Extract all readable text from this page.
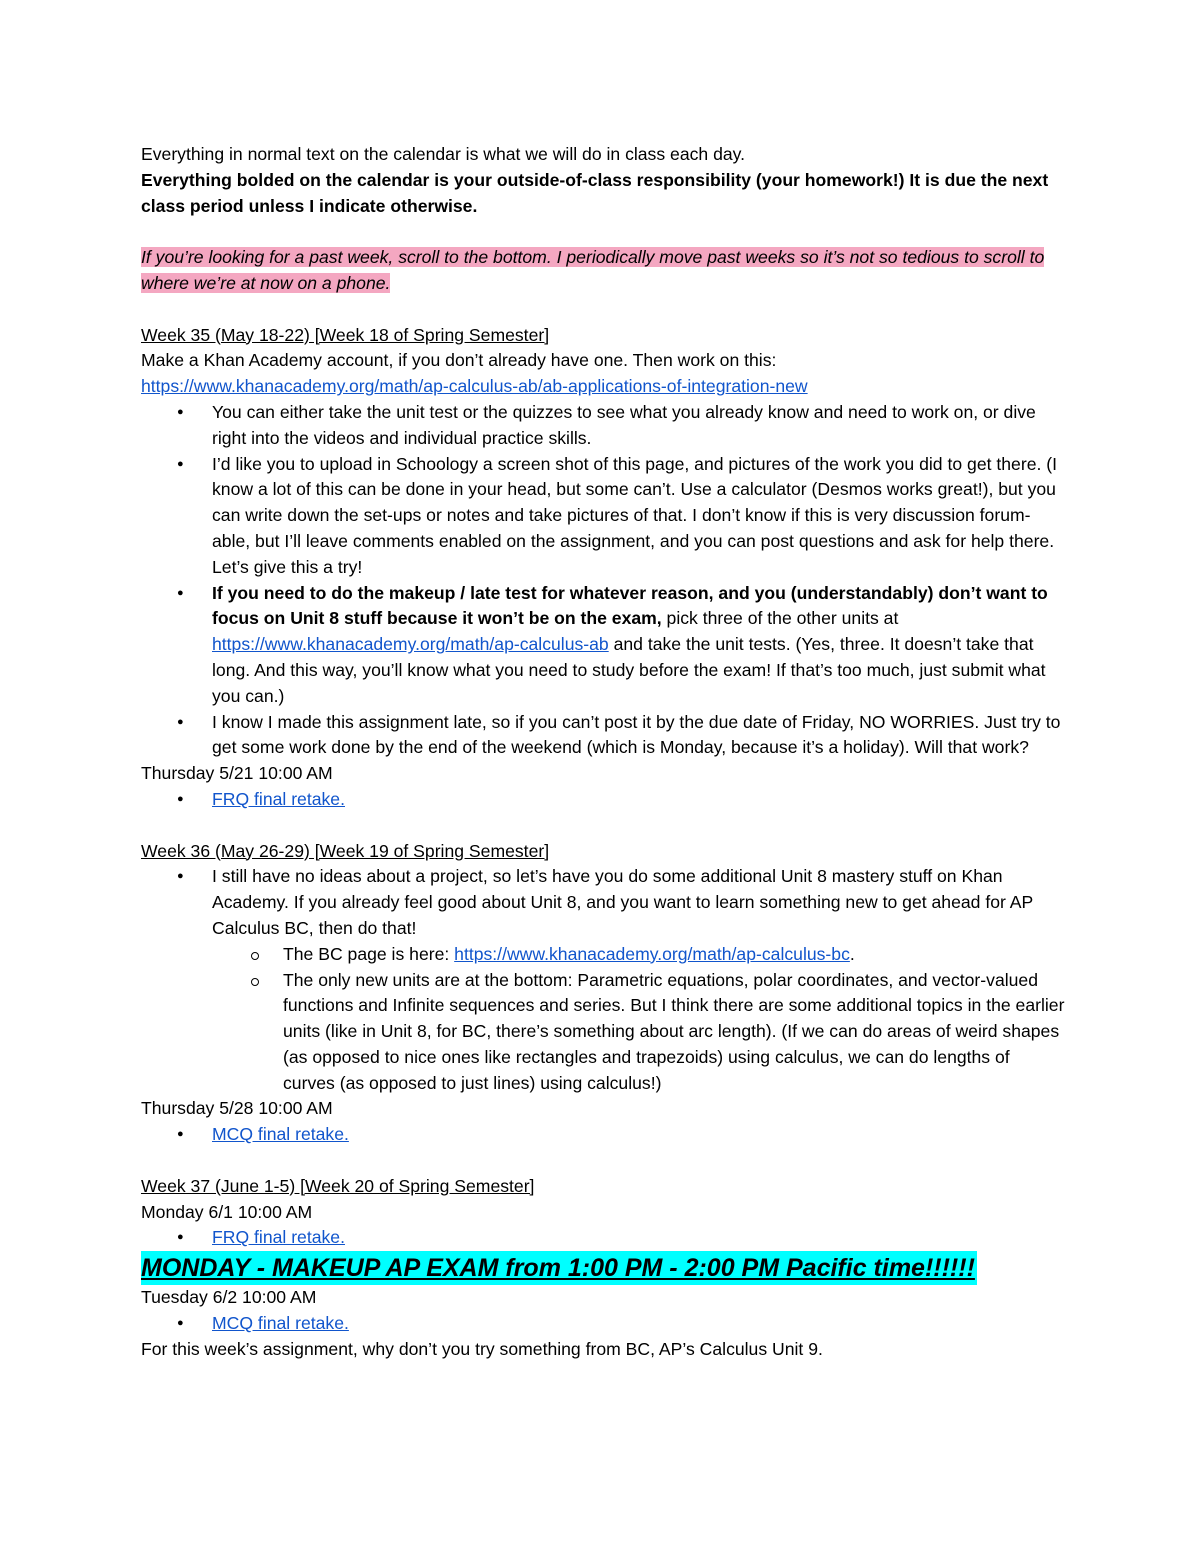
Everything in normal text on the calendar is what we will do in class each day.

Everything bolded on the calendar is your outside-of-class responsibility (your homework!) It is due the next class period unless I indicate otherwise.

If you’re looking for a past week, scroll to the bottom. I periodically move past weeks so it’s not so tedious to scroll to where we’re at now on a phone.

Week 35 (May 18-22) [Week 18 of Spring Semester]

Make a Khan Academy account, if you don’t already have one. Then work on this:

https://www.khanacademy.org/math/ap-calculus-ab/ab-applications-of-integration-new

● You can either take the unit test or the quizzes to see what you already know and need to work on, or dive right into the videos and individual practice skills.
● I’d like you to upload in Schoology a screen shot of this page, and pictures of the work you did to get there. (I know a lot of this can be done in your head, but some can’t. Use a calculator (Desmos works great!), but you can write down the set-ups or notes and take pictures of that. I don’t know if this is very discussion forum-able, but I’ll leave comments enabled on the assignment, and you can post questions and ask for help there. Let’s give this a try!
● If you need to do the makeup / late test for whatever reason, and you (understandably) don’t want to focus on Unit 8 stuff because it won’t be on the exam, pick three of the other units at https://www.khanacademy.org/math/ap-calculus-ab and take the unit tests. (Yes, three. It doesn’t take that long. And this way, you’ll know what you need to study before the exam! If that’s too much, just submit what you can.)
● I know I made this assignment late, so if you can’t post it by the due date of Friday, NO WORRIES. Just try to get some work done by the end of the weekend (which is Monday, because it’s a holiday). Will that work?

Thursday 5/21 10:00 AM

● FRQ final retake.

Week 36 (May 26-29) [Week 19 of Spring Semester]

● I still have no ideas about a project, so let’s have you do some additional Unit 8 mastery stuff on Khan Academy. If you already feel good about Unit 8, and you want to learn something new to get ahead for AP Calculus BC, then do that!
The BC page is here: https://www.khanacademy.org/math/ap-calculus-bc.
The only new units are at the bottom: Parametric equations, polar coordinates, and vector-valued functions and Infinite sequences and series. But I think there are some additional topics in the earlier units (like in Unit 8, for BC, there’s something about arc length). (If we can do areas of weird shapes (as opposed to nice ones like rectangles and trapezoids) using calculus, we can do lengths of curves (as opposed to just lines) using calculus!)

Thursday 5/28 10:00 AM

● MCQ final retake.

Week 37 (June 1-5) [Week 20 of Spring Semester]

Monday 6/1 10:00 AM

● FRQ final retake.

MONDAY - MAKEUP AP EXAM from 1:00 PM - 2:00 PM Pacific time!!!!!!

Tuesday 6/2 10:00 AM

● MCQ final retake.

For this week’s assignment, why don’t you try something from BC, AP’s Calculus Unit 9.
